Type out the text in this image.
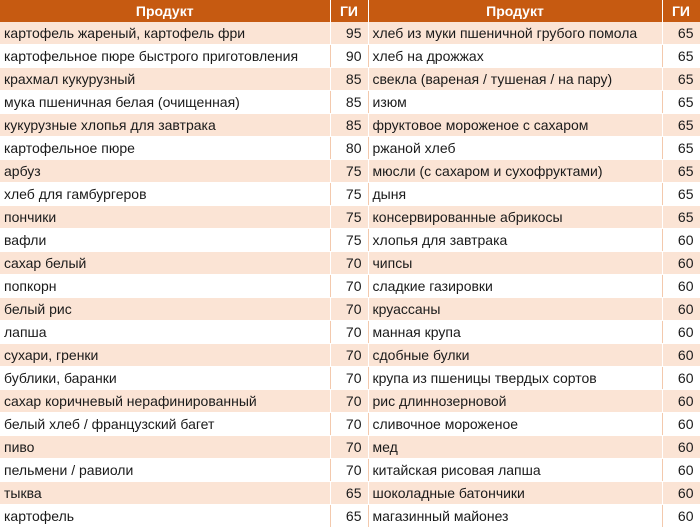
Продукт	ГИ	Продукт	ГИ
картофель жареный, картофель фри	95	хлеб из муки пшеничной грубого помола	65
картофельное пюре быстрого приготовления	90	хлеб на дрожжах	65
крахмал кукурузный	85	свекла (вареная / тушеная / на пару)	65
мука пшеничная белая (очищенная)	85	изюм	65
кукурузные хлопья для завтрака	85	фруктовое мороженое с сахаром	65
картофельное пюре	80	ржаной хлеб	65
арбуз	75	мюсли (с сахаром и сухофруктами)	65
хлеб для гамбургеров	75	дыня	65
пончики	75	консервированные абрикосы	65
вафли	75	хлопья для завтрака	60
сахар белый	70	чипсы	60
попкорн	70	сладкие газировки	60
белый рис	70	круассаны	60
лапша	70	манная крупа	60
сухари, гренки	70	сдобные булки	60
бублики, баранки	70	крупа из пшеницы твердых сортов	60
сахар коричневый нерафинированный	70	рис длиннозерновой	60
белый хлеб / французский багет	70	сливочное мороженое	60
пиво	70	мед	60
пельмени / равиоли	70	китайская рисовая лапша	60
тыква	65	шоколадные батончики	60
картофель	65	магазинный майонез	60
